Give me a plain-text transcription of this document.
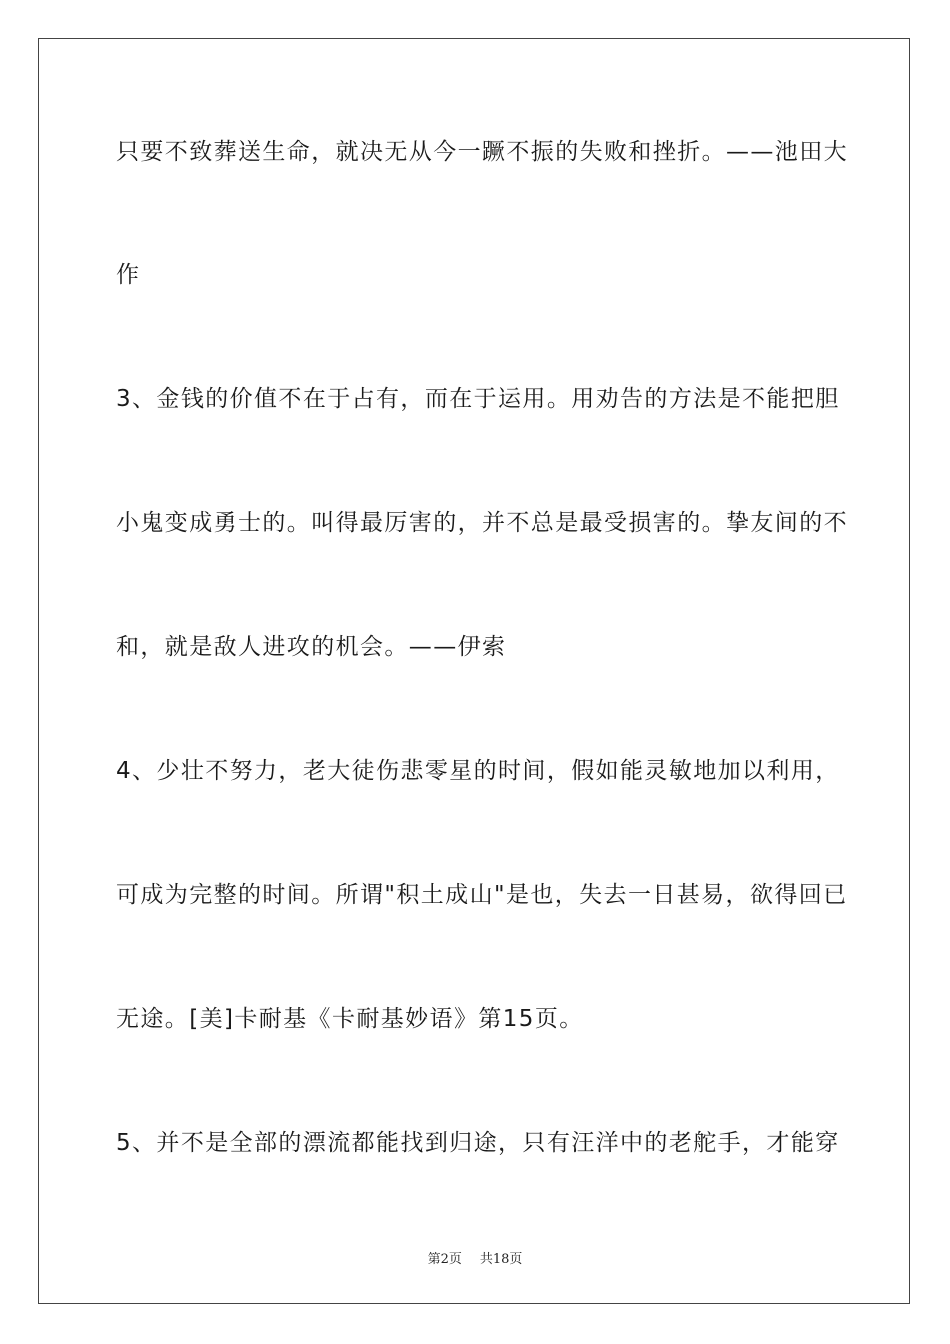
只要不致葬送生命，就决无从今一蹶不振的失败和挫折。——池田大
作
3、金钱的价值不在于占有，而在于运用。用劝告的方法是不能把胆
小鬼变成勇士的。叫得最厉害的，并不总是最受损害的。挚友间的不
和，就是敌人进攻的机会。——伊索
4、少壮不努力，老大徒伤悲零星的时间，假如能灵敏地加以利用，
可成为完整的时间。所谓"积土成山"是也，失去一日甚易，欲得回已
无途。[美]卡耐基《卡耐基妙语》第15页。
5、并不是全部的漂流都能找到归途，只有汪洋中的老舵手，才能穿
第2页 共18页
